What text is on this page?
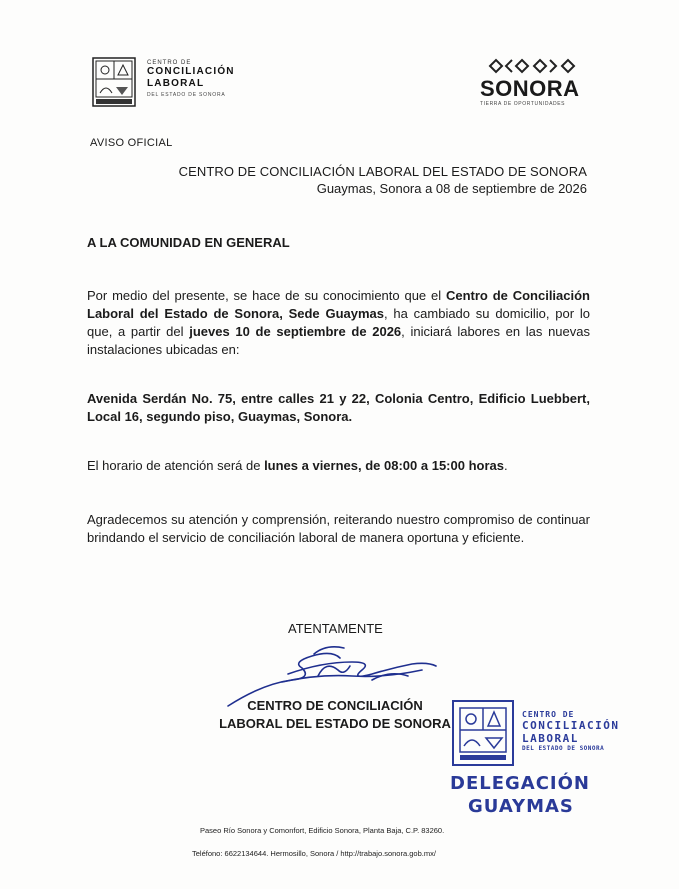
CENTRO DE
CONCILIACIÓN
LABORAL
DEL ESTADO DE SONORA	SONORA
TIERRA DE OPORTUNIDADES
AVISO OFICIAL
CENTRO DE CONCILIACIÓN LABORAL DEL ESTADO DE SONORA
Guaymas, Sonora a 08 de septiembre de 2026
A LA COMUNIDAD EN GENERAL
Por medio del presente, se hace de su conocimiento que el Centro de Conciliación Laboral del Estado de Sonora, Sede Guaymas, ha cambiado su domicilio, por lo que, a partir del jueves 10 de septiembre de 2026, iniciará labores en las nuevas instalaciones ubicadas en:
Avenida Serdán No. 75, entre calles 21 y 22, Colonia Centro, Edificio Luebbert, Local 16, segundo piso, Guaymas, Sonora.
El horario de atención será de lunes a viernes, de 08:00 a 15:00 horas.
Agradecemos su atención y comprensión, reiterando nuestro compromiso de continuar brindando el servicio de conciliación laboral de manera oportuna y eficiente.
ATENTAMENTE
CENTRO DE CONCILIACIÓN
LABORAL DEL ESTADO DE SONORA
CENTRO DE
CONCILIACIÓN
LABORAL
DEL ESTADO DE SONORA
DELEGACIÓN
GUAYMAS
Paseo Río Sonora y Comonfort, Edificio Sonora, Planta Baja, C.P. 83260.
Teléfono: 6622134644. Hermosillo, Sonora / http://trabajo.sonora.gob.mx/
